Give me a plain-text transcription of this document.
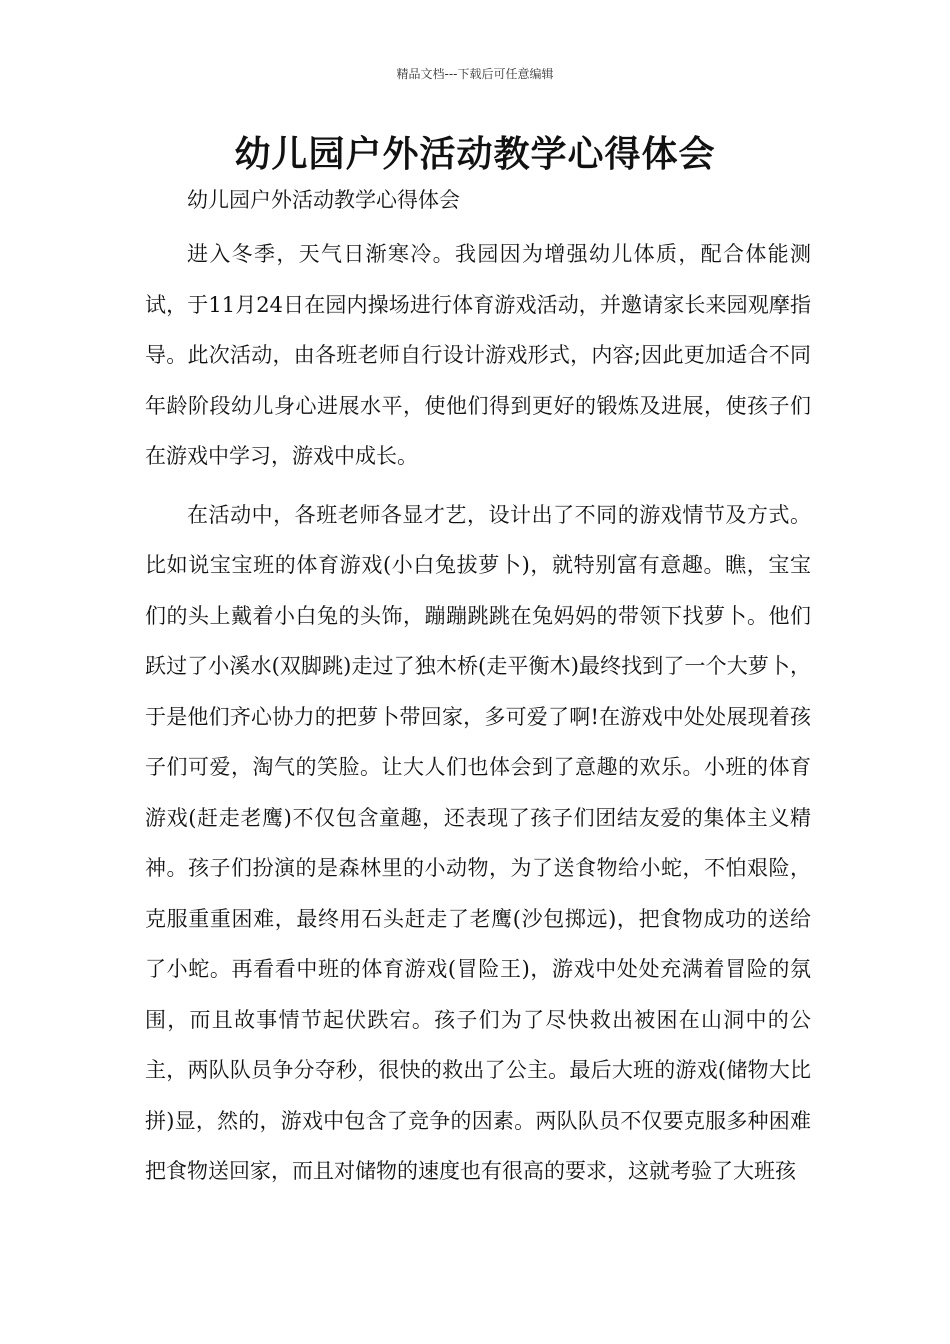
精品文档---下载后可任意编辑
幼儿园户外活动教学心得体会

幼儿园户外活动教学心得体会

进入冬季，天气日渐寒冷。我园因为增强幼儿体质，配合体能测试，于11月24日在园内操场进行体育游戏活动，并邀请家长来园观摩指导。此次活动，由各班老师自行设计游戏形式，内容;因此更加适合不同年龄阶段幼儿身心进展水平，使他们得到更好的锻炼及进展，使孩子们在游戏中学习，游戏中成长。

在活动中，各班老师各显才艺，设计出了不同的游戏情节及方式。比如说宝宝班的体育游戏(小白兔拔萝卜)，就特别富有意趣。瞧，宝宝们的头上戴着小白兔的头饰，蹦蹦跳跳在兔妈妈的带领下找萝卜。他们跃过了小溪水(双脚跳)走过了独木桥(走平衡木)最终找到了一个大萝卜，于是他们齐心协力的把萝卜带回家，多可爱了啊!在游戏中处处展现着孩子们可爱，淘气的笑脸。让大人们也体会到了意趣的欢乐。小班的体育游戏(赶走老鹰)不仅包含童趣，还表现了孩子们团结友爱的集体主义精神。孩子们扮演的是森林里的小动物，为了送食物给小蛇，不怕艰险，克服重重困难，最终用石头赶走了老鹰(沙包掷远)，把食物成功的送给了小蛇。再看看中班的体育游戏(冒险王)，游戏中处处充满着冒险的氛围，而且故事情节起伏跌宕。孩子们为了尽快救出被困在山洞中的公主，两队队员争分夺秒，很快的救出了公主。最后大班的游戏(储物大比拼)显，然的，游戏中包含了竞争的因素。两队队员不仅要克服多种困难把食物送回家，而且对储物的速度也有很高的要求，这就考验了大班孩
